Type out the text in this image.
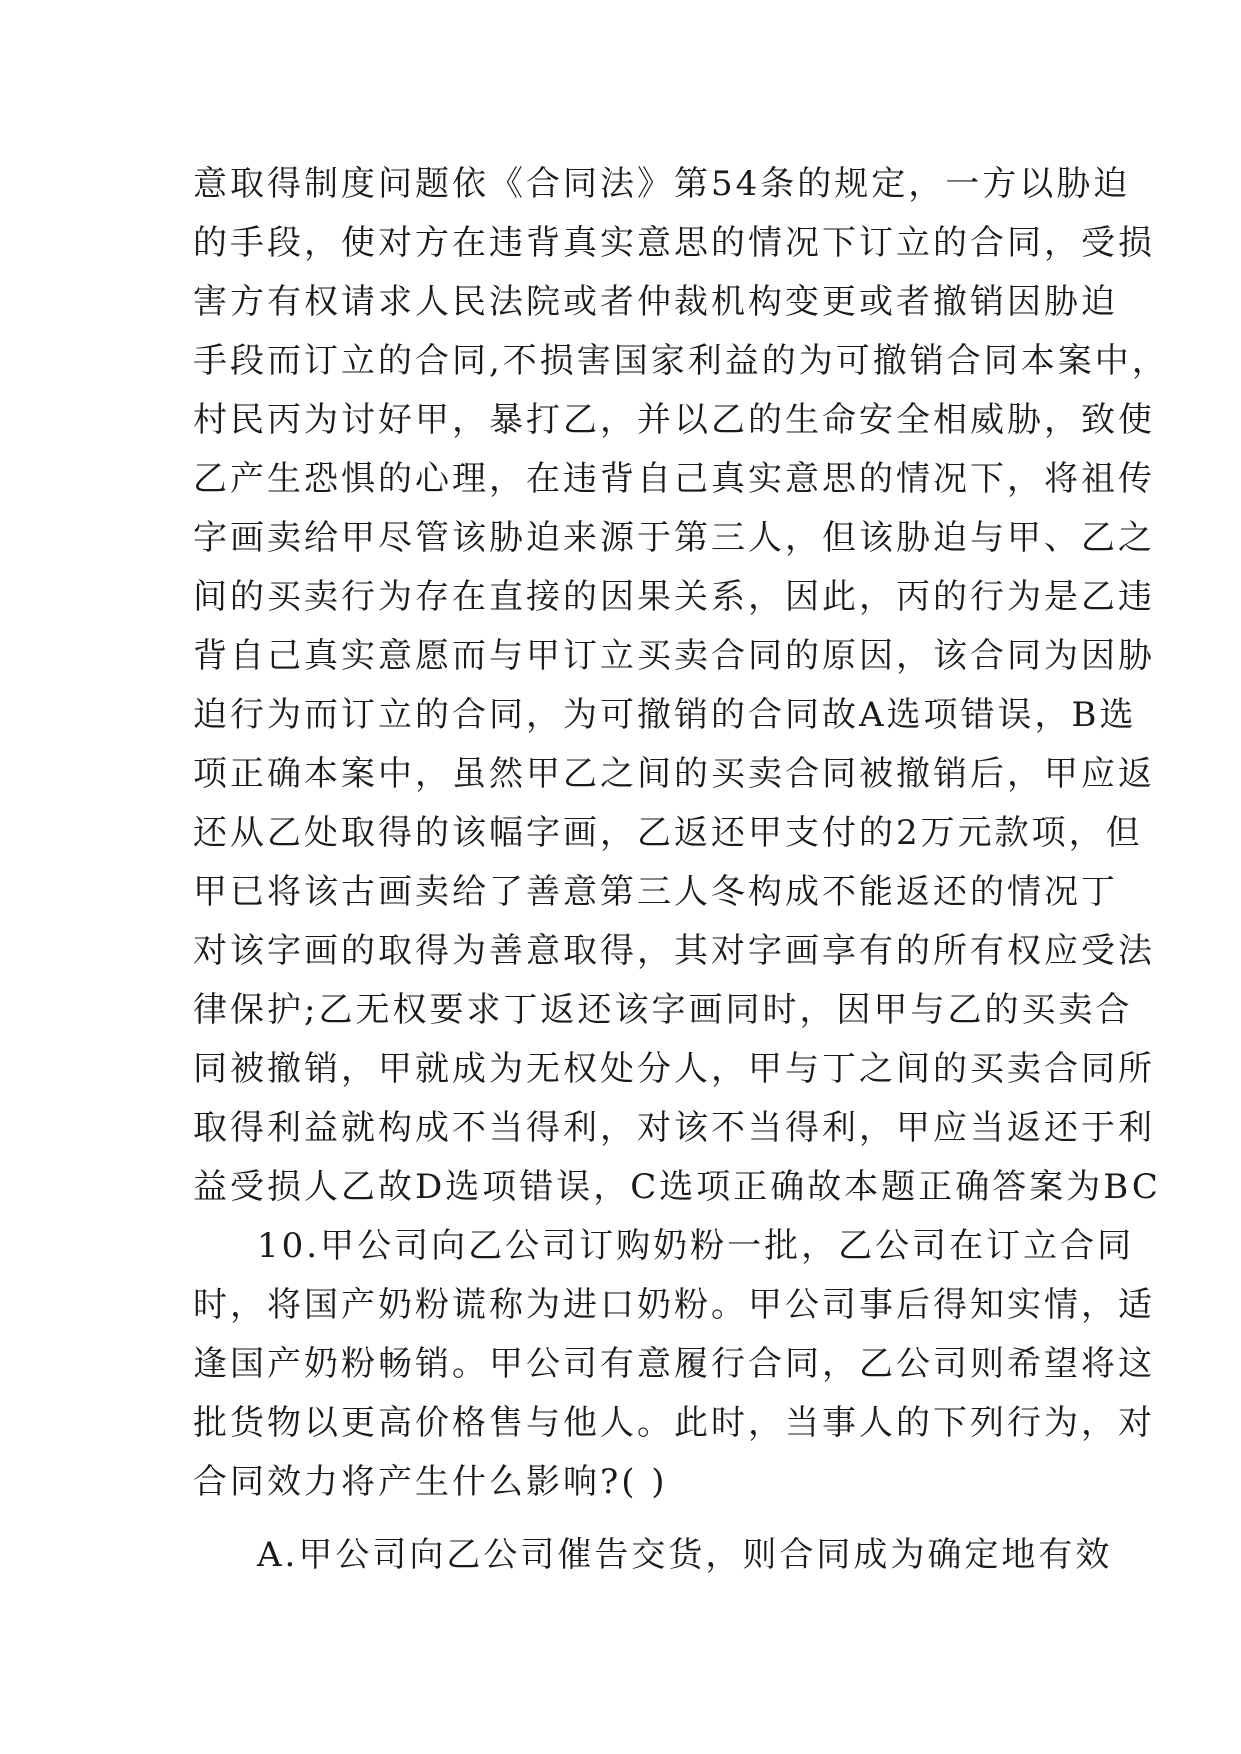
意取得制度问题依《合同法》第54条的规定，一方以胁迫

的手段，使对方在违背真实意思的情况下订立的合同，受损

害方有权请求人民法院或者仲裁机构变更或者撤销因胁迫

手段而订立的合同,不损害国家利益的为可撤销合同本案中，

村民丙为讨好甲，暴打乙，并以乙的生命安全相威胁，致使

乙产生恐惧的心理，在违背自己真实意思的情况下，将祖传

字画卖给甲尽管该胁迫来源于第三人，但该胁迫与甲、乙之

间的买卖行为存在直接的因果关系，因此，丙的行为是乙违

背自己真实意愿而与甲订立买卖合同的原因，该合同为因胁

迫行为而订立的合同，为可撤销的合同故A选项错误，B选

项正确本案中，虽然甲乙之间的买卖合同被撤销后，甲应返

还从乙处取得的该幅字画，乙返还甲支付的2万元款项，但

甲已将该古画卖给了善意第三人冬构成不能返还的情况丁

对该字画的取得为善意取得，其对字画享有的所有权应受法

律保护;乙无权要求丁返还该字画同时，因甲与乙的买卖合

同被撤销，甲就成为无权处分人，甲与丁之间的买卖合同所

取得利益就构成不当得利，对该不当得利，甲应当返还于利

益受损人乙故D选项错误，C选项正确故本题正确答案为BC

10.甲公司向乙公司订购奶粉一批，乙公司在订立合同

时，将国产奶粉谎称为进口奶粉。甲公司事后得知实情，适

逢国产奶粉畅销。甲公司有意履行合同，乙公司则希望将这

批货物以更高价格售与他人。此时，当事人的下列行为，对

合同效力将产生什么影响?( )

A.甲公司向乙公司催告交货，则合同成为确定地有效
